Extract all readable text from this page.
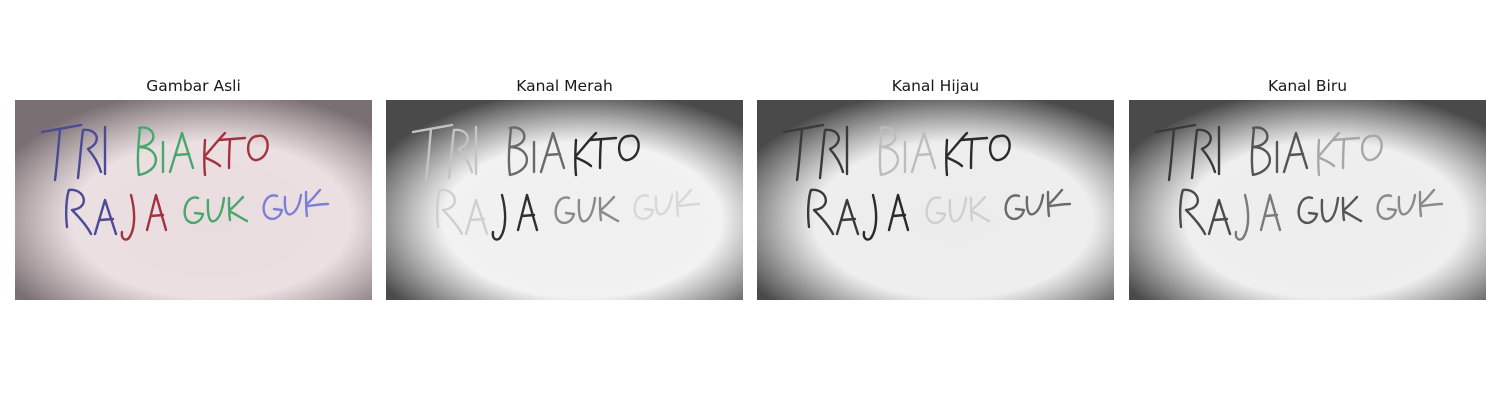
Gambar Asli	Kanal Merah	Kanal Hijau	Kanal Biru
